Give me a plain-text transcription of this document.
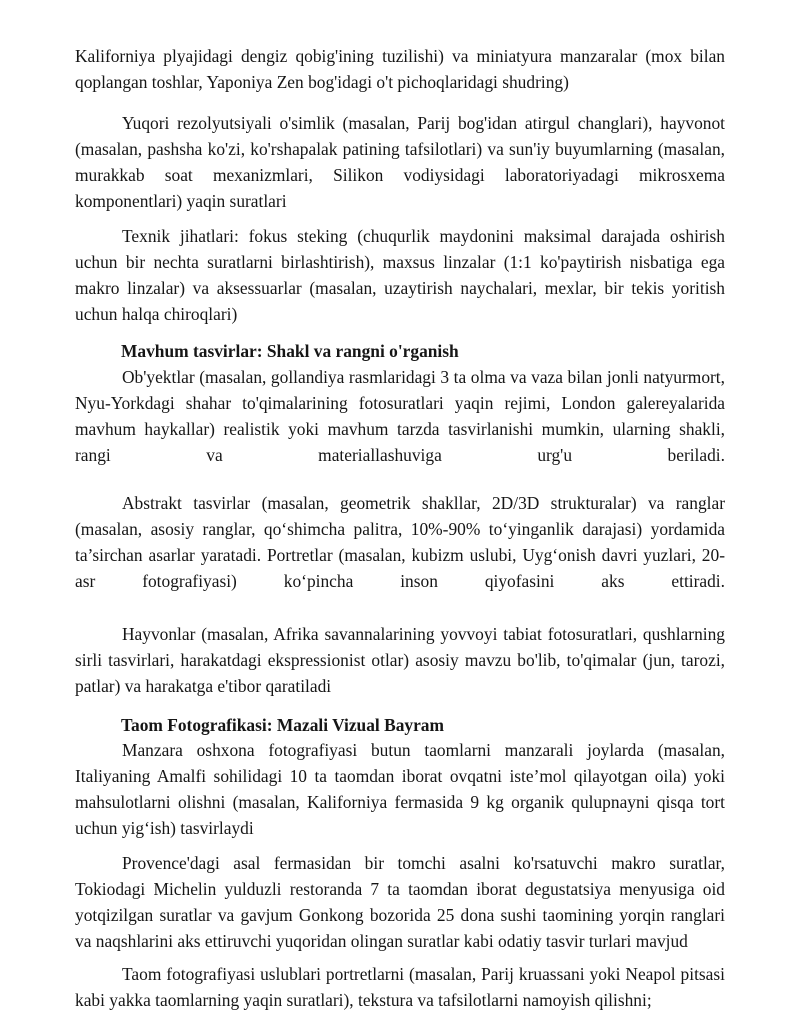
Kaliforniya plyajidagi dengiz qobig'ining tuzilishi) va miniatyura manzaralar (mox bilan qoplangan toshlar, Yaponiya Zen bog'idagi o't pichoqlaridagi shudring)

Yuqori rezolyutsiyali o'simlik (masalan, Parij bog'idan atirgul changlari), hayvonot (masalan, pashsha ko'zi, ko'rshapalak patining tafsilotlari) va sun'iy buyumlarning (masalan, murakkab soat mexanizmlari, Silikon vodiysidagi laboratoriyadagi mikrosxema komponentlari) yaqin suratlari

Texnik jihatlari: fokus steking (chuqurlik maydonini maksimal darajada oshirish uchun bir nechta suratlarni birlashtirish), maxsus linzalar (1:1 ko'paytirish nisbatiga ega makro linzalar) va aksessuarlar (masalan, uzaytirish naychalari, mexlar, bir tekis yoritish uchun halqa chiroqlari)

Mavhum tasvirlar: Shakl va rangni o'rganish

Ob'yektlar (masalan, gollandiya rasmlaridagi 3 ta olma va vaza bilan jonli natyurmort, Nyu-Yorkdagi shahar to'qimalarining fotosuratlari yaqin rejimi, London galereyalarida mavhum haykallar) realistik yoki mavhum tarzda tasvirlanishi mumkin, ularning shakli, rangi va materiallashuviga urg'u beriladi.

Abstrakt tasvirlar (masalan, geometrik shakllar, 2D/3D strukturalar) va ranglar (masalan, asosiy ranglar, qo‘shimcha palitra, 10%-90% to‘yinganlik darajasi) yordamida ta’sirchan asarlar yaratadi. Portretlar (masalan, kubizm uslubi, Uyg‘onish davri yuzlari, 20-asr fotografiyasi) ko‘pincha inson qiyofasini aks ettiradi.

Hayvonlar (masalan, Afrika savannalarining yovvoyi tabiat fotosuratlari, qushlarning sirli tasvirlari, harakatdagi ekspressionist otlar) asosiy mavzu bo'lib, to'qimalar (jun, tarozi, patlar) va harakatga e'tibor qaratiladi

Taom Fotografikasi: Mazali Vizual Bayram

Manzara oshxona fotografiyasi butun taomlarni manzarali joylarda (masalan, Italiyaning Amalfi sohilidagi 10 ta taomdan iborat ovqatni iste’mol qilayotgan oila) yoki mahsulotlarni olishni (masalan, Kaliforniya fermasida 9 kg organik qulupnayni qisqa tort uchun yig‘ish) tasvirlaydi

Provence'dagi asal fermasidan bir tomchi asalni ko'rsatuvchi makro suratlar, Tokiodagi Michelin yulduzli restoranda 7 ta taomdan iborat degustatsiya menyusiga oid yotqizilgan suratlar va gavjum Gonkong bozorida 25 dona sushi taomining yorqin ranglari va naqshlarini aks ettiruvchi yuqoridan olingan suratlar kabi odatiy tasvir turlari mavjud

Taom fotografiyasi uslublari portretlarni (masalan, Parij kruassani yoki Neapol pitsasi kabi yakka taomlarning yaqin suratlari), tekstura va tafsilotlarni namoyish qilishni;
